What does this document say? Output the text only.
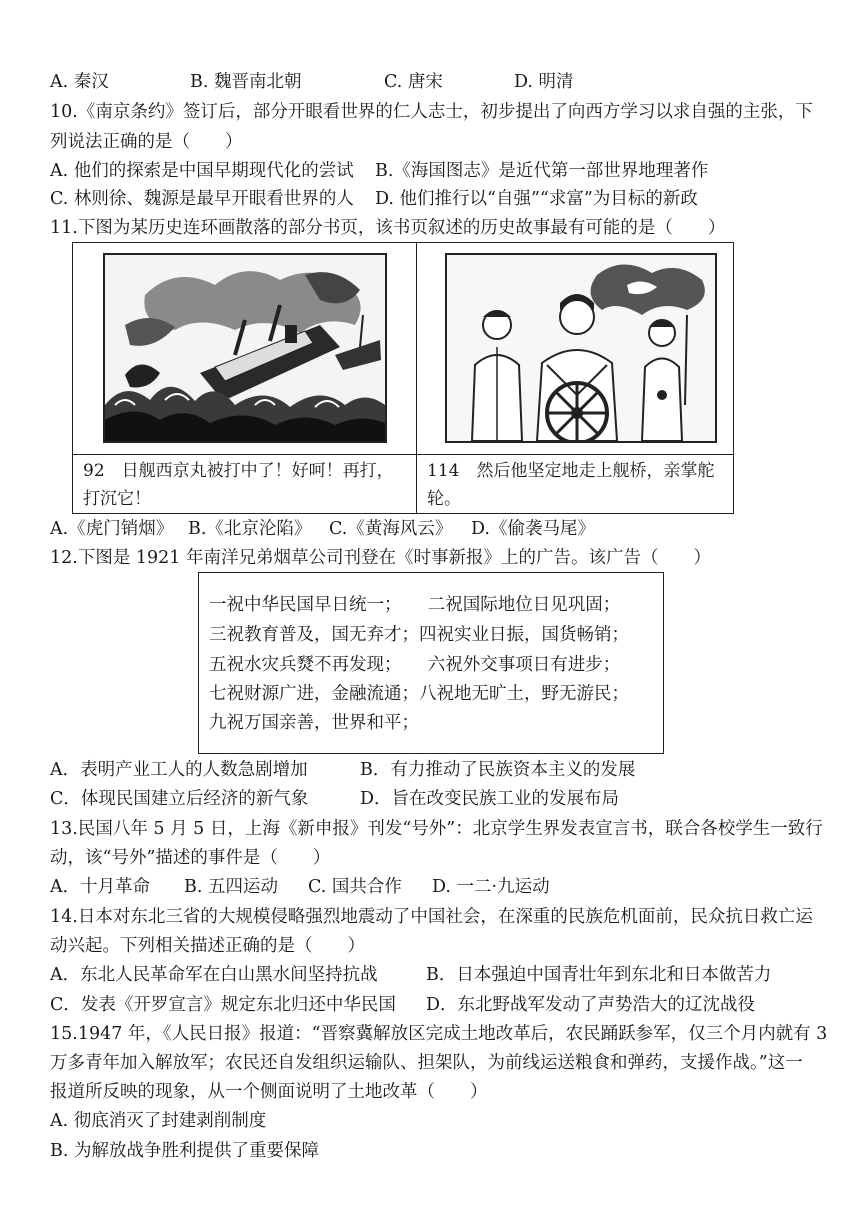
A. 秦汉	B. 魏晋南北朝	C. 唐宋	D. 明清
10.《南京条约》签订后，部分开眼看世界的仁人志士，初步提出了向西方学习以求自强的主张，下
列说法正确的是（　　）
A. 他们的探索是中国早期现代化的尝试 B.《海国图志》是近代第一部世界地理著作
C. 林则徐、魏源是最早开眼看世界的人 D. 他们推行以“自强”“求富”为目标的新政
11.下图为某历史连环画散落的部分书页，该书页叙述的历史故事最有可能的是（　　）
92　日舰西京丸被打中了！好呵！再打，打沉它！
114　然后他坚定地走上舰桥，亲掌舵轮。
A.《虎门销烟》 B.《北京沦陷》 C.《黄海风云》 D.《偷袭马尾》
12.下图是 1921 年南洋兄弟烟草公司刊登在《时事新报》上的广告。该广告（　　）
一祝中华民国早日统一；　　二祝国际地位日见巩固；
三祝教育普及，国无弃才；四祝实业日振，国货畅销；
五祝水灾兵燹不再发现；　　六祝外交事项日有进步；
七祝财源广进，金融流通；八祝地无旷土，野无游民；
九祝万国亲善，世界和平；
A．表明产业工人的人数急剧增加	B．有力推动了民族资本主义的发展
C．体现民国建立后经济的新气象	D．旨在改变民族工业的发展布局
13.民国八年 5 月 5 日，上海《新申报》刊发“号外”：北京学生界发表宣言书，联合各校学生一致行
动，该“号外”描述的事件是（　　）
A．十月革命 B. 五四运动 C. 国共合作 D. 一二·九运动
14.日本对东北三省的大规模侵略强烈地震动了中国社会，在深重的民族危机面前，民众抗日救亡运
动兴起。下列相关描述正确的是（　　）
A．东北人民革命军在白山黑水间坚持抗战	B．日本强迫中国青壮年到东北和日本做苦力
C．发表《开罗宣言》规定东北归还中华民国 D．东北野战军发动了声势浩大的辽沈战役
15.1947 年，《人民日报》报道：“晋察冀解放区完成土地改革后，农民踊跃参军，仅三个月内就有 3
万多青年加入解放军；农民还自发组织运输队、担架队，为前线运送粮食和弹药，支援作战。”这一
报道所反映的现象，从一个侧面说明了土地改革（　　）
A. 彻底消灭了封建剥削制度
B. 为解放战争胜利提供了重要保障
